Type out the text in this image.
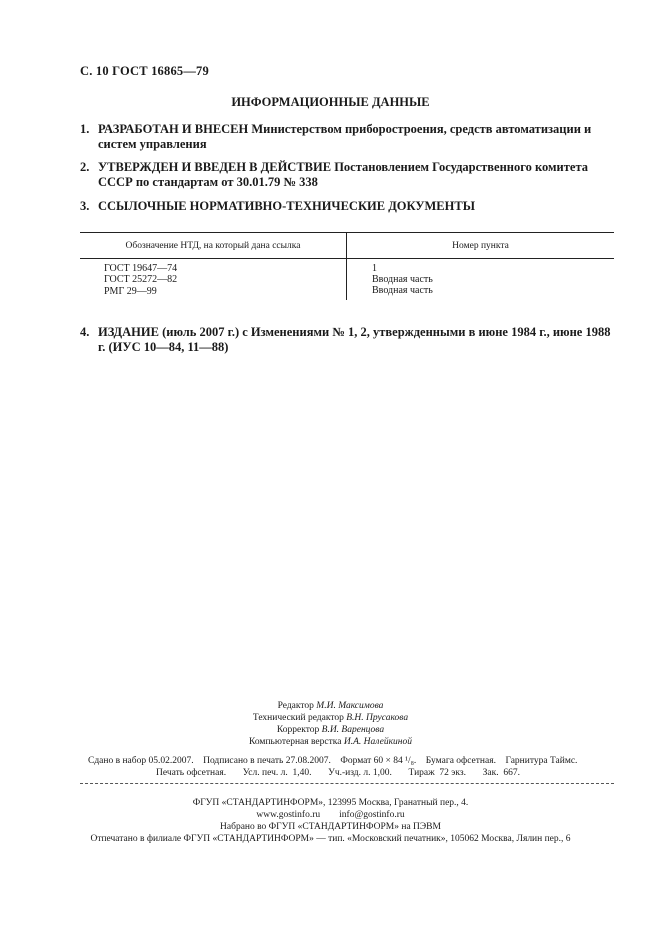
С. 10 ГОСТ 16865—79
ИНФОРМАЦИОННЫЕ ДАННЫЕ
1. РАЗРАБОТАН И ВНЕСЕН Министерством приборостроения, средств автоматизации и систем управления
2. УТВЕРЖДЕН И ВВЕДЕН В ДЕЙСТВИЕ Постановлением Государственного комитета СССР по стандартам от 30.01.79 № 338
3. ССЫЛОЧНЫЕ НОРМАТИВНО-ТЕХНИЧЕСКИЕ ДОКУМЕНТЫ
Обозначение НТД, на который дана ссылка	Номер пункта
ГОСТ 19647—74	1
ГОСТ 25272—82	Вводная часть
РМГ 29—99	Вводная часть
4. ИЗДАНИЕ (июль 2007 г.) с Изменениями № 1, 2, утвержденными в июне 1984 г., июне 1988 г. (ИУС 10—84, 11—88)
Редактор М.И. Максимова
Технический редактор В.Н. Прусакова
Корректор В.И. Варенцова
Компьютерная верстка И.А. Налейкиной
Сдано в набор 05.02.2007.    Подписано в печать 27.08.2007.    Формат 60 × 84 ¹/₈.    Бумага офсетная.    Гарнитура Таймс.
Печать офсетная.       Усл. печ. л.  1,40.       Уч.-изд. л. 1,00.       Тираж  72 экз.       Зак.  667.
ФГУП «СТАНДАРТИНФОРМ», 123995 Москва, Гранатный пер., 4.
www.gostinfo.ru info@gostinfo.ru
Набрано во ФГУП «СТАНДАРТИНФОРМ» на ПЭВМ
Отпечатано в филиале ФГУП «СТАНДАРТИНФОРМ» — тип. «Московский печатник», 105062 Москва, Лялин пер., 6
